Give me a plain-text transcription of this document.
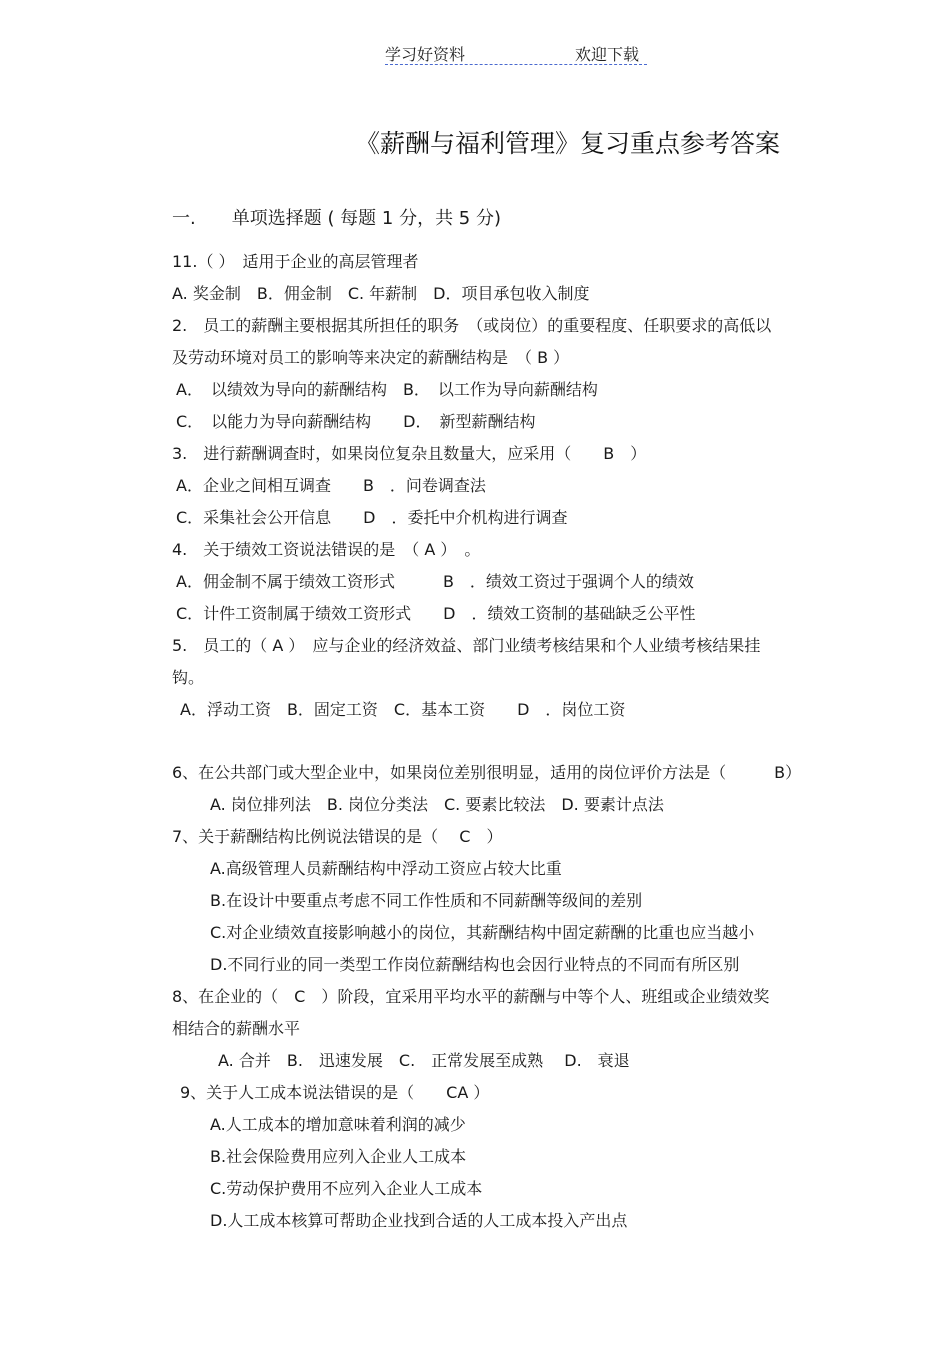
学习好资料	欢迎下载
《薪酬与福利管理》复习重点参考答案
一.　　单项选择题 ( 每题 1 分，共 5 分)
11.（ ）　适用于企业的高层管理者
A. 奖金制　B．佣金制　C. 年薪制　D．项目承包收入制度
2.　员工的薪酬主要根据其所担任的职务　（或岗位）的重要程度、任职要求的高低以
及劳动环境对员工的影响等来决定的薪酬结构是　（ B ）
A．　以绩效为导向的薪酬结构　B．　以工作为导向薪酬结构
C．　以能力为导向薪酬结构　　D．　新型薪酬结构
3.　进行薪酬调查时，如果岗位复杂且数量大，应采用（　　B　）
A．企业之间相互调查　　B　．问卷调查法
C．采集社会公开信息　　D　．委托中介机构进行调查
4.　关于绩效工资说法错误的是　（ A ）　。
A．佣金制不属于绩效工资形式　　　B　．绩效工资过于强调个人的绩效
C．计件工资制属于绩效工资形式　　D　．绩效工资制的基础缺乏公平性
5.　员工的（ A ）　应与企业的经济效益、部门业绩考核结果和个人业绩考核结果挂
钩。
A．浮动工资　B．固定工资　C．基本工资　　D　．岗位工资
6、在公共部门或大型企业中，如果岗位差别很明显，适用的岗位评价方法是（　　　B）
A. 岗位排列法　B. 岗位分类法　C. 要素比较法　D. 要素计点法
7、关于薪酬结构比例说法错误的是（　 C　）
A.高级管理人员薪酬结构中浮动工资应占较大比重
B.在设计中要重点考虑不同工作性质和不同薪酬等级间的差别
C.对企业绩效直接影响越小的岗位，其薪酬结构中固定薪酬的比重也应当越小
D.不同行业的同一类型工作岗位薪酬结构也会因行业特点的不同而有所区别
8、在企业的（　C　）阶段，宜采用平均水平的薪酬与中等个人、班组或企业绩效奖
相结合的薪酬水平
A. 合并　B.　迅速发展　C.　正常发展至成熟　 D.　衰退
9、关于人工成本说法错误的是（　　CA ）
A.人工成本的增加意味着利润的减少
B.社会保险费用应列入企业人工成本
C.劳动保护费用不应列入企业人工成本
D.人工成本核算可帮助企业找到合适的人工成本投入产出点
